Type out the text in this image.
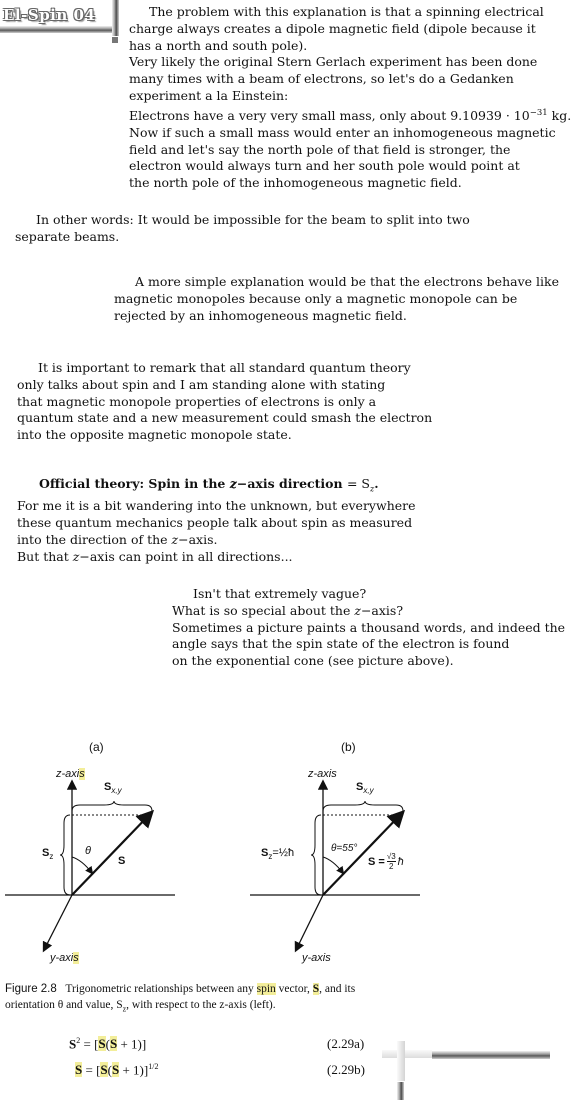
El-Spin 04	The problem with this explanation is that a spinning electrical
charge always creates a dipole magnetic field (dipole because it
has a north and south pole).
Very likely the original Stern Gerlach experiment has been done
many times with a beam of electrons, so let's do a Gedanken
experiment a la Einstein:
Electrons have a very very small mass, only about $9.10939 \cdot 10^{-31}$ kg.
Now if such a small mass would enter an inhomogeneous magnetic
field and let's say the north pole of that field is stronger, the
electron would always turn and her south pole would point at
the north pole of the inhomogeneous magnetic field.
In other words: It would be impossible for the beam to split into two
separate beams.
A more simple explanation would be that the electrons behave like
magnetic monopoles because only a magnetic monopole can be
rejected by an inhomogeneous magnetic field.
It is important to remark that all standard quantum theory
only talks about spin and I am standing alone with stating
that magnetic monopole properties of electrons is only a
quantum state and a new measurement could smash the electron
into the opposite magnetic monopole state.
Official theory: Spin in the z−axis direction = $S_z$.
For me it is a bit wandering into the unknown, but everywhere
these quantum mechanics people talk about spin as measured
into the direction of the z−axis.
But that z−axis can point in all directions...
Isn't that extremely vague?
What is so special about the z−axis?
Sometimes a picture paints a thousand words, and indeed the
angle says that the spin state of the electron is found
on the exponential cone (see picture above).
(a)
z-axis
$S_{x,y}$
$S_z$	θ
S
y-axis
(b)
z-axis
$S_{x,y}$
$S_z=\frac{1}{2}ħ$	θ=55°
$S = \frac{√3}{2}$ ħ
y-axis
Figure 2.8 Trigonometric relationships between any spin vector, S, and its
orientation θ and value, $S_z$, with respect to the z-axis (left).
$S^2 = [S(S + 1)]$	(2.29a)
$S = [S(S + 1)]^{1/2}$	(2.29b)
